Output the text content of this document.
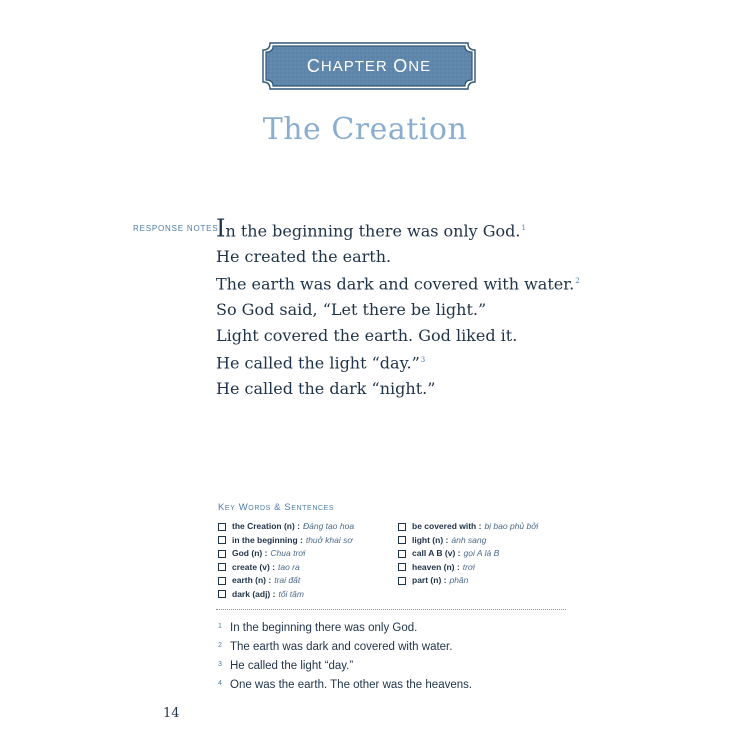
C HAPTER
O NE
The Creation
RESPONSE NOTES
In the beginning there was only God.$^1$
He created the earth.
The earth was dark and covered with water.$^2$
So God said, “Let there be light.”
Light covered the earth. God liked it.
He called the light “day.”$^3$
He called the dark “night.”
Key Words & Sentences
the Creation (n) : Đáng tạo hoa
in the beginning : thuở khai sơ
God (n) : Chua trơi
create (v) : tao ra
earth (n) : trai đất
dark (adj) : tối tăm
be covered with : bị bao phủ bởi
light (n) : ánh sang
call A B (v) : gọi A là B
heaven (n) : trơi
part (n) : phân
1 In the beginning there was only God.
2 The earth was dark and covered with water.
3 He called the light “day.”
4 One was the earth. The other was the heavens.
14
